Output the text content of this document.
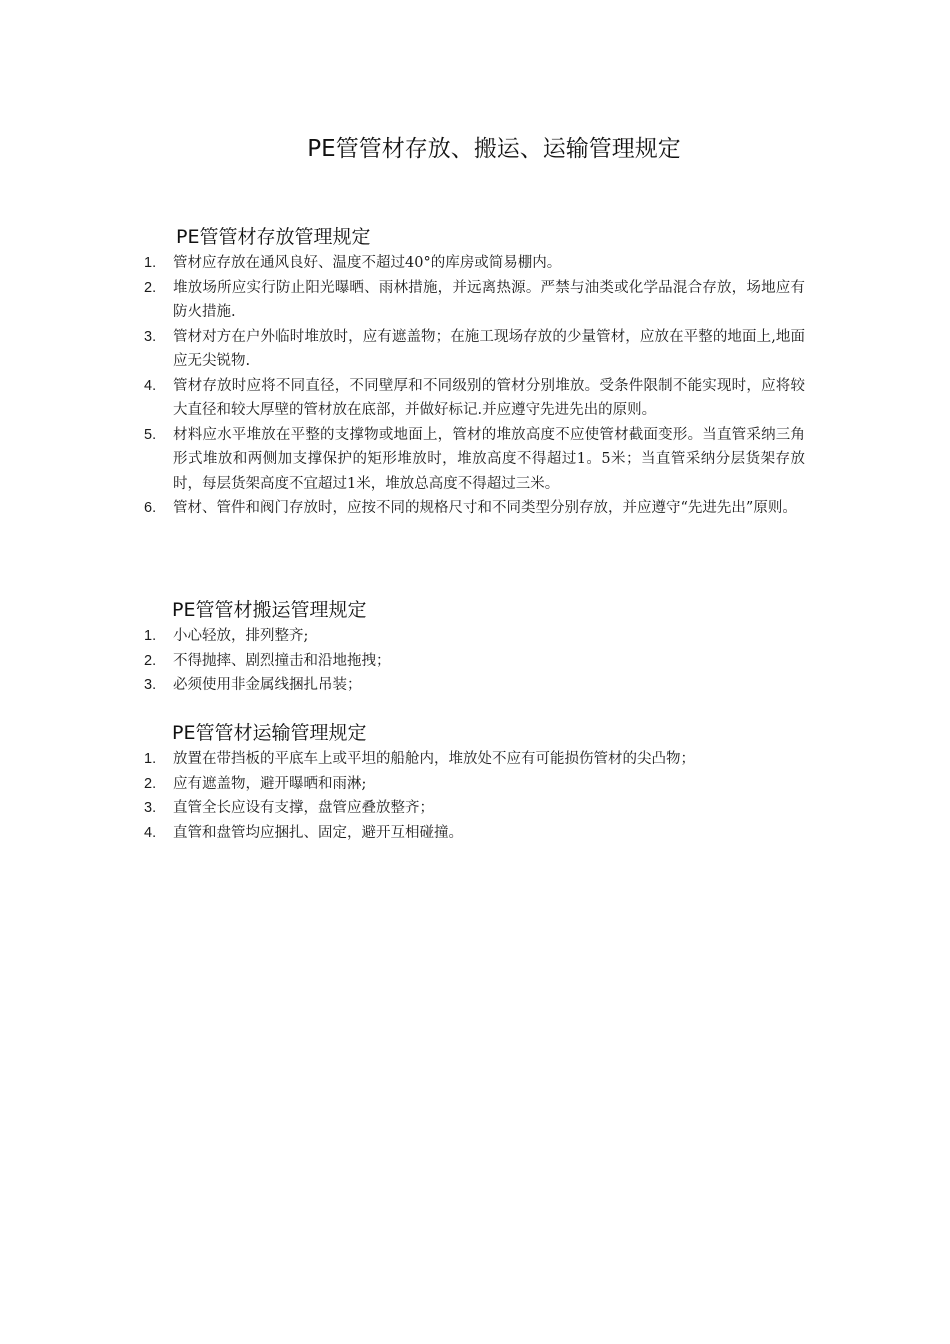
PE管管材存放、搬运、运输管理规定
PE管管材存放管理规定
1. 管材应存放在通风良好、温度不超过40°的库房或简易棚内。
2. 堆放场所应实行防止阳光曝晒、雨林措施，并远离热源。严禁与油类或化学品混合存放，场地应有防火措施.
3. 管材对方在户外临时堆放时，应有遮盖物；在施工现场存放的少量管材，应放在平整的地面上,地面应无尖锐物.
4. 管材存放时应将不同直径，不同壁厚和不同级别的管材分别堆放。受条件限制不能实现时，应将较大直径和较大厚壁的管材放在底部，并做好标记.并应遵守先进先出的原则。
5. 材料应水平堆放在平整的支撑物或地面上，管材的堆放高度不应使管材截面变形。当直管采纳三角形式堆放和两侧加支撑保护的矩形堆放时，堆放高度不得超过1。5米；当直管采纳分层货架存放时，每层货架高度不宜超过1米，堆放总高度不得超过三米。
6. 管材、管件和阀门存放时，应按不同的规格尺寸和不同类型分别存放，并应遵守“先进先出”原则。
PE管管材搬运管理规定
1. 小心轻放，排列整齐;
2. 不得抛摔、剧烈撞击和沿地拖拽；
3. 必须使用非金属线捆扎吊装；
PE管管材运输管理规定
1. 放置在带挡板的平底车上或平坦的船舱内，堆放处不应有可能损伤管材的尖凸物；
2. 应有遮盖物，避开曝晒和雨淋;
3. 直管全长应设有支撑，盘管应叠放整齐；
4. 直管和盘管均应捆扎、固定，避开互相碰撞。
